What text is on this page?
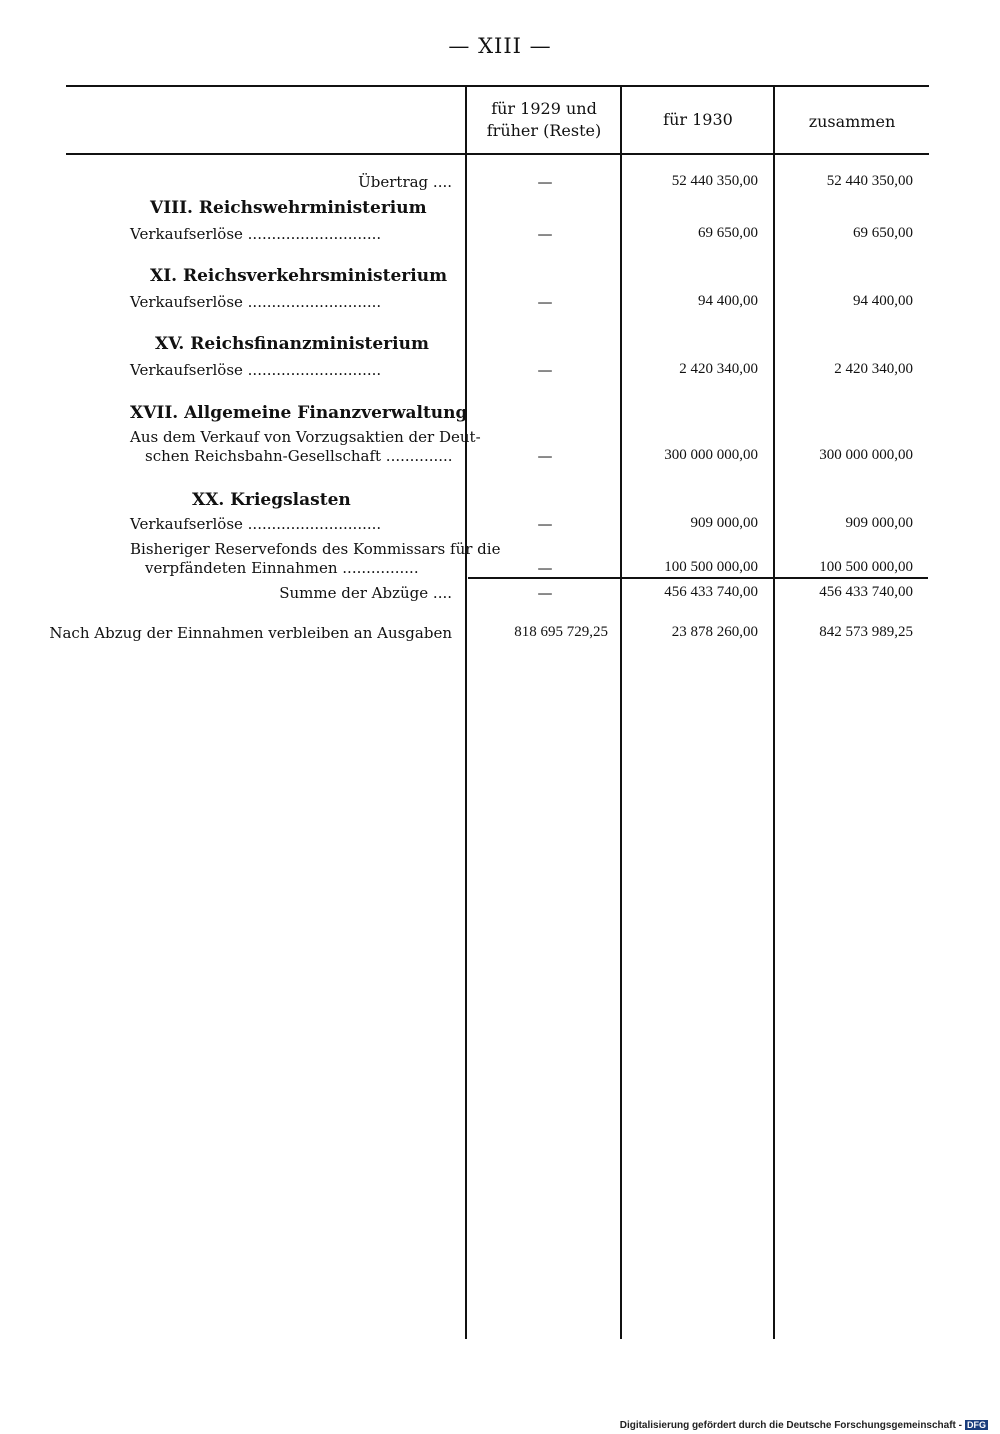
— XIII —
für 1929 und
früher (Reste)
für 1930	zusammen
Übertrag ....	—	52 440 350,00	52 440 350,00
VIII. Reichswehrministerium
Verkaufserlöse ............................	—	69 650,00	69 650,00
XI. Reichsverkehrsministerium
Verkaufserlöse ............................	—	94 400,00	94 400,00
XV. Reichsfinanzministerium
Verkaufserlöse ............................	—	2 420 340,00	2 420 340,00
XVII. Allgemeine Finanzverwaltung
Aus dem Verkauf von Vorzugsaktien der Deut-
schen Reichsbahn-Gesellschaft ..............	—	300 000 000,00	300 000 000,00
XX. Kriegslasten
Verkaufserlöse ............................	—	909 000,00	909 000,00
Bisheriger Reservefonds des Kommissars für die
verpfändeten Einnahmen ................	—	100 500 000,00	100 500 000,00
Summe der Abzüge ....	—	456 433 740,00	456 433 740,00
Nach Abzug der Einnahmen verbleiben an Ausgaben	818 695 729,25	23 878 260,00	842 573 989,25
Digitalisierung gefördert durch die Deutsche Forschungsgemeinschaft - DFG
